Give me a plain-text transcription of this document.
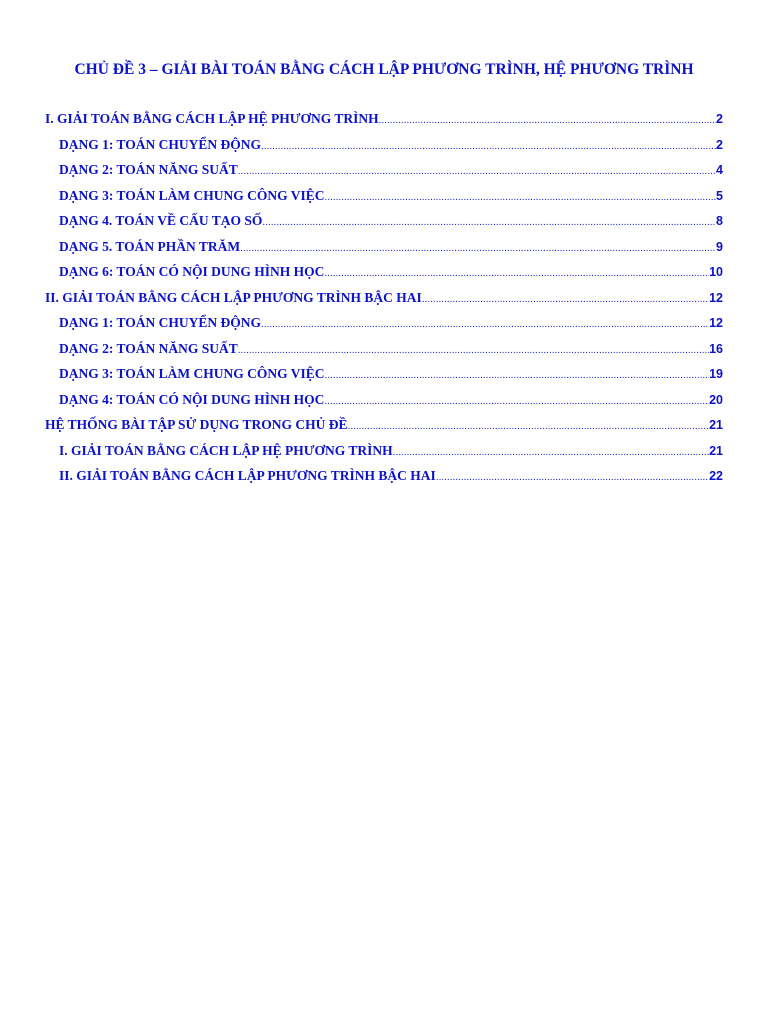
CHỦ ĐỀ 3 – GIẢI BÀI TOÁN BẰNG CÁCH LẬP PHƯƠNG TRÌNH, HỆ PHƯƠNG TRÌNH
I. GIẢI TOÁN BẰNG CÁCH LẬP HỆ PHƯƠNG TRÌNH .....	2
DẠNG 1: TOÁN CHUYỂN ĐỘNG .....	2
DẠNG 2: TOÁN NĂNG SUẤT .....	4
DẠNG 3: TOÁN LÀM CHUNG CÔNG VIỆC .....	5
DẠNG 4. TOÁN VỀ CẤU TẠO SỐ .....	8
DẠNG 5. TOÁN PHẦN TRĂM .....	9
DẠNG 6: TOÁN CÓ NỘI DUNG HÌNH HỌC .....	10
II. GIẢI TOÁN BẰNG CÁCH LẬP PHƯƠNG TRÌNH BẬC HAI .....	12
DẠNG 1: TOÁN CHUYỂN ĐỘNG .....	12
DẠNG 2: TOÁN NĂNG SUẤT .....	16
DẠNG 3: TOÁN LÀM CHUNG CÔNG VIỆC .....	19
DẠNG 4: TOÁN CÓ NỘI DUNG HÌNH HỌC .....	20
HỆ THỐNG BÀI TẬP SỬ DỤNG TRONG CHỦ ĐỀ .....	21
I. GIẢI TOÁN BẰNG CÁCH LẬP HỆ PHƯƠNG TRÌNH .....	21
II. GIẢI TOÁN BẰNG CÁCH LẬP PHƯƠNG TRÌNH BẬC HAI .....	22
